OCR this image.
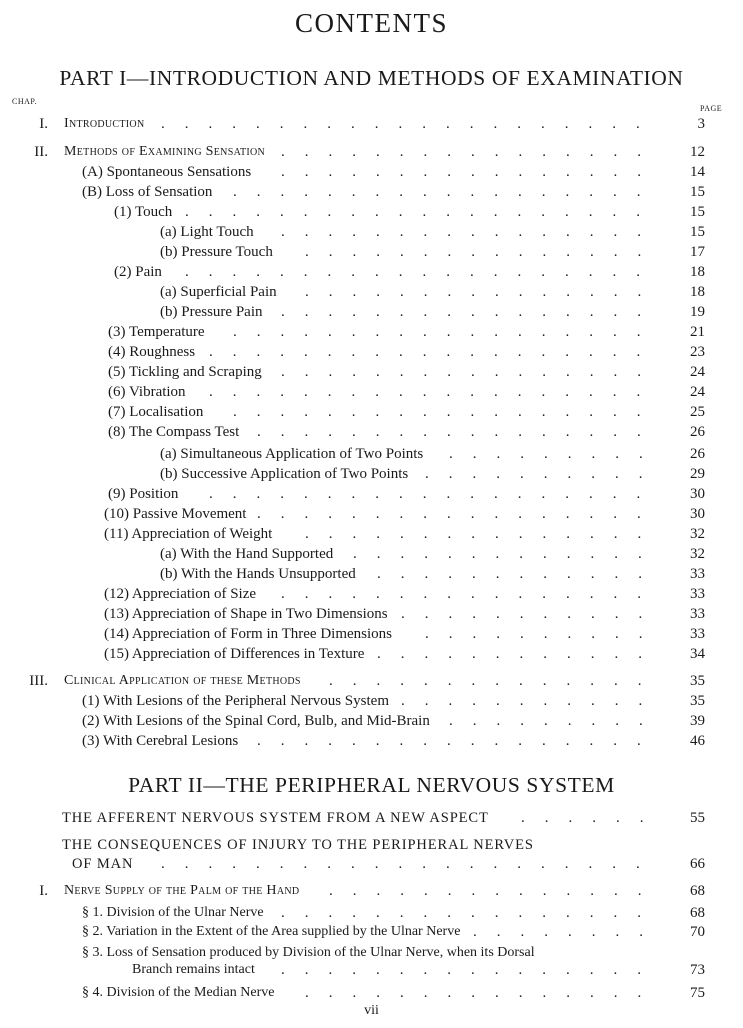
CONTENTS
PART I—INTRODUCTION AND METHODS OF EXAMINATION
CHAP.
PAGE
I. Introduction .....................	3
II. Methods of Examining Sensation ................	12
(A) Spontaneous Sensations ................	14
(B) Loss of Sensation ..................	15
(1) Touch ....................	15
(a) Light Touch ................	15
(b) Pressure Touch ...............	17
(2) Pain ....................	18
(a) Superficial Pain ...............	18
(b) Pressure Pain ................	19
(3) Temperature ..................	21
(4) Roughness ...................	23
(5) Tickling and Scraping ................	24
(6) Vibration ...................	24
(7) Localisation ..................	25
(8) The Compass Test .................	26
(a) Simultaneous Application of Two Points .........	26
(b) Successive Application of Two Points ..........	29
(9) Position ...................	30
(10) Passive Movement .................	30
(11) Appreciation of Weight ...............	32
(a) With the Hand Supported .............	32
(b) With the Hands Unsupported ............	33
(12) Appreciation of Size ................	33
(13) Appreciation of Shape in Two Dimensions ...........	33
(14) Appreciation of Form in Three Dimensions ..........	33
(15) Appreciation of Differences in Texture ............	34
III. Clinical Application of these Methods ..............	35
(1) With Lesions of the Peripheral Nervous System ...........	35
(2) With Lesions of the Spinal Cord, Bulb, and Mid-Brain .........	39
(3) With Cerebral Lesions .................	46
PART II—THE PERIPHERAL NERVOUS SYSTEM
THE AFFERENT NERVOUS SYSTEM FROM A NEW ASPECT ......	55
THE CONSEQUENCES OF INJURY TO THE PERIPHERAL NERVES
OF MAN .....................	66
I. Nerve Supply of the Palm of the Hand ..............	68
§ 1. Division of the Ulnar Nerve ................	68
§ 2. Variation in the Extent of the Area supplied by the Ulnar Nerve ........	70
§ 3. Loss of Sensation produced by Division of the Ulnar Nerve, when its Dorsal
Branch remains intact ................	73
§ 4. Division of the Median Nerve ...............	75
vii
